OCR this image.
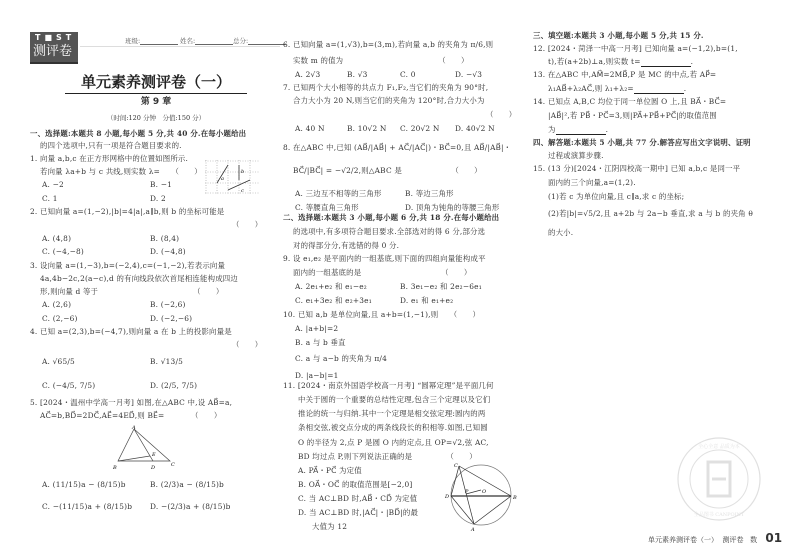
T■ST
测评卷
班级:	姓名:	总分:
单元素养测评卷（一）
第 9 章
（时间:120 分钟　分值:150 分）
一、选择题:本题共 8 小题,每小题 5 分,共 40 分.在每小题给出
的四个选项中,只有一项是符合题目要求的.
1. 向量 a,b,c 在正方形网格中的位置如图所示.
若向量 λa+b 与 c 共线,则实数 λ=　　（　　）
A. −2	B. −1
C. 1	D. 2
a
b
c
2. 已知向量 a=(1,−2),|b|=4|a|,a∥b,则 b 的坐标可能是
（　　）
A. (4,8)	B. (8,4)
C. (−4,−8)	D. (−4,8)
3. 设向量 a=(1,−3),b=(−2,4),c=(−1,−2),若表示向量
4a,4b−2c,2(a−c),d 的有向线段依次首尾相连能构成四边
形,则向量 d 等于　　　　　　　　　　　　　（　　）
A. (2,6)	B. (−2,6)
C. (2,−6)	D. (−2,−6)
4. 已知 a=(2,3),b=(−4,7),则向量 a 在 b 上的投影向量是
（　　）
A. √65/5	B. √13/5
C. (−4/5, 7/5)	D. (2/5, 7/5)
5. [2024・温州中学高一月考] 如图,在△ABC 中,设 AB⃗=a,
AC⃗=b,BD⃗=2DC⃗,AE⃗=4ED⃗,则 BE⃗=　　　　（　　）
A
B	C
D
E
A. (11/15)a − (8/15)b	B. (2/3)a − (8/15)b
C. −(11/15)a + (8/15)b D. −(2/3)a + (8/15)b
6. 已知向量 a=(1,√3),b=(3,m),若向量 a,b 的夹角为 π/6,则
实数 m 的值为　　　　　　　　　　　　　（　　）
A. 2√3	B. √3	C. 0	D. −√3
7. 已知两个大小相等的共点力 F₁,F₂,当它们的夹角为 90°时,
合力大小为 20 N,则当它们的夹角为 120°时,合力大小为
（　　）
A. 40 N	B. 10√2 N C. 20√2 N D. 40√2 N
8. 在△ABC 中,已知 (AB⃗/|AB⃗| + AC⃗/|AC⃗|)・BC⃗=0,且 AB⃗/|AB⃗|・
BC⃗/|BC⃗| = −√2/2,则△ABC 是　　　　　　　（　　）
A. 三边互不相等的三角形	B. 等边三角形
C. 等腰直角三角形	D. 顶角为钝角的等腰三角形
二、选择题:本题共 3 小题,每小题 6 分,共 18 分.在每小题给出
的选项中,有多项符合题目要求.全部选对的得 6 分,部分选
对的得部分分,有选错的得 0 分.
9. 设 e₁,e₂ 是平面内的一组基底,则下面的四组向量能构成平
面内的一组基底的是　　　　　　　　　　　（　　）
A. 2e₁+e₂ 和 e₁−e₂	B. 3e₁−e₂ 和 2e₂−6e₁
C. e₁+3e₂ 和 e₂+3e₁	D. e₁ 和 e₁+e₂
10. 已知 a,b 是单位向量,且 a+b=(1,−1),则　　（　　）
A. |a+b|=2
B. a 与 b 垂直
C. a 与 a−b 的夹角为 π/4
D. |a−b|=1
11. [2024・南京外国语学校高一月考] “圆幂定理”是平面几何
中关于圆的一个重要的总结性定理,包含三个定理以及它们
推论的统一与归纳.其中一个定理是相交弦定理:圆内的两
条相交弦,被交点分成的两条线段长的积相等.如图,已知圆
O 的半径为 2,点 P 是圆 O 内的定点,且 OP=√2,弦 AC,
BD 均过点 P,则下列说法正确的是　　　　　（　　）
A. PA⃗・PC⃗ 为定值
B. OA⃗・OC⃗ 的取值范围是[−2,0]
C. 当 AC⊥BD 时,AB⃗・CD⃗ 为定值
D. 当 AC⊥BD 时,|AC⃗|・|BD⃗|的最
大值为 12
C
D
P	O
B
A
三、填空题:本题共 3 小题,每小题 5 分,共 15 分.
12. [2024・菏泽一中高一月考] 已知向量 a=(−1,2),b=(1,
t),若(a+2b)⊥a,则实数 t=	.
13. 在△ABC 中,AM⃗=2MB⃗,P 是 MC 的中点,若 AP⃗=
λ₁AB⃗+λ₂AC⃗,则 λ₁+λ₂=	.
14. 已知点 A,B,C 均位于同一单位圆 O 上,且 BA⃗・BC⃗=
|AB⃗|²,若 PB⃗・PC⃗=3,则|PA⃗+PB⃗+PC⃗|的取值范围
为	.
四、解答题:本题共 5 小题,共 77 分.解答应写出文字说明、证明
过程或演算步骤.
15. (13 分)[2024・江阴四校高一期中] 已知 a,b,c 是同一平
面内的三个向量,a=(1,2).
(1)若 c 为单位向量,且 c∥a,求 c 的坐标;
(2)若|b|=√5/2,且 a+2b 与 2a−b 垂直,求 a 与 b 的夹角 θ
的大小.
全心全意 品质为本
全品图书 CANPOINT
单元素养测评卷（一） 测评卷 数 01
